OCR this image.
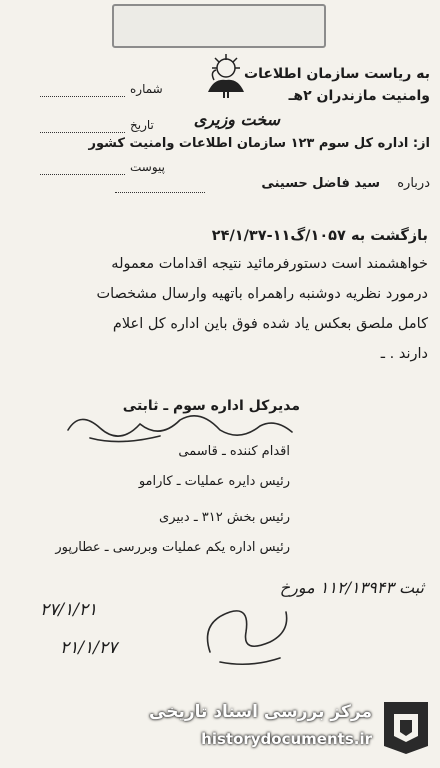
به ریاست سازمان اطلاعات
وامنیت مازندران ۲هـ
سخت وزیری
شماره
تاریخ
پیوست
از: اداره کل سوم ۱۲۳ سازمان اطلاعات وامنیت کشور
درباره
سید فاضل حسینی
بازگشت به ۱۰۵۷/گ۱۱-۲۴/۱/۳۷
خواهشمند است دستورفرمائید نتیجه اقدامات معموله
درمورد نظریه دوشنبه راهمراه باتهیه وارسال مشخصات
کامل ملصق بعکس یاد شده فوق باین اداره کل اعلام
دارند . ـ
مدیرکل اداره سوم ـ ثابتی
اقدام کننده ـ قاسمی
رئیس دایره عملیات ـ کارامو
رئیس بخش ۳۱۲ ـ دبیری
رئیس اداره یکم عملیات وبررسی ـ عطارپور
ثبت ۱۱۲/۱۳۹۴۳ مورخ
۲۷/۱/۲۱
۲۱/۱/۲۷
مرکز بررسی اسناد تاریخی
historydocuments.ir
